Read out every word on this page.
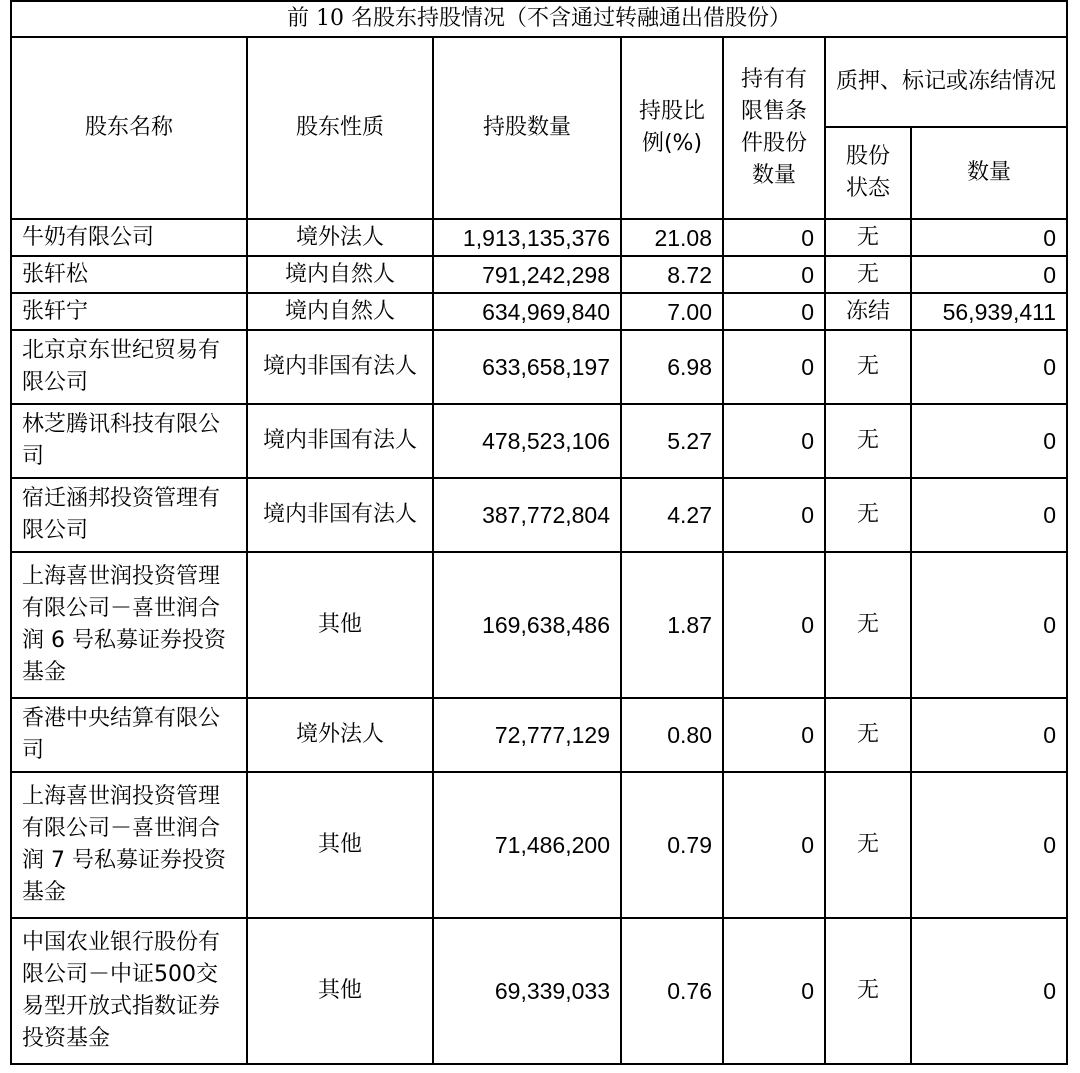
前 10 名股东持股情况（不含通过转融通出借股份）						
股东名称	股东性质	持股数量	持股比例(%)	持有有限售条件股份数量	质押、标记或冻结情况	
					股份状态	数量
牛奶有限公司	境外法人	1,913,135,376	21.08	0	无	0
张轩松	境内自然人	791,242,298	8.72	0	无	0
张轩宁	境内自然人	634,969,840	7.00	0	冻结	56,939,411
北京京东世纪贸易有限公司	境内非国有法人	633,658,197	6.98	0	无	0
林芝腾讯科技有限公司	境内非国有法人	478,523,106	5.27	0	无	0
宿迁涵邦投资管理有限公司	境内非国有法人	387,772,804	4.27	0	无	0
上海喜世润投资管理有限公司－喜世润合润 6 号私募证券投资基金	其他	169,638,486	1.87	0	无	0
香港中央结算有限公司	境外法人	72,777,129	0.80	0	无	0
上海喜世润投资管理有限公司－喜世润合润 7 号私募证券投资基金	其他	71,486,200	0.79	0	无	0
中国农业银行股份有限公司－中证500交易型开放式指数证券投资基金	其他	69,339,033	0.76	0	无	0
